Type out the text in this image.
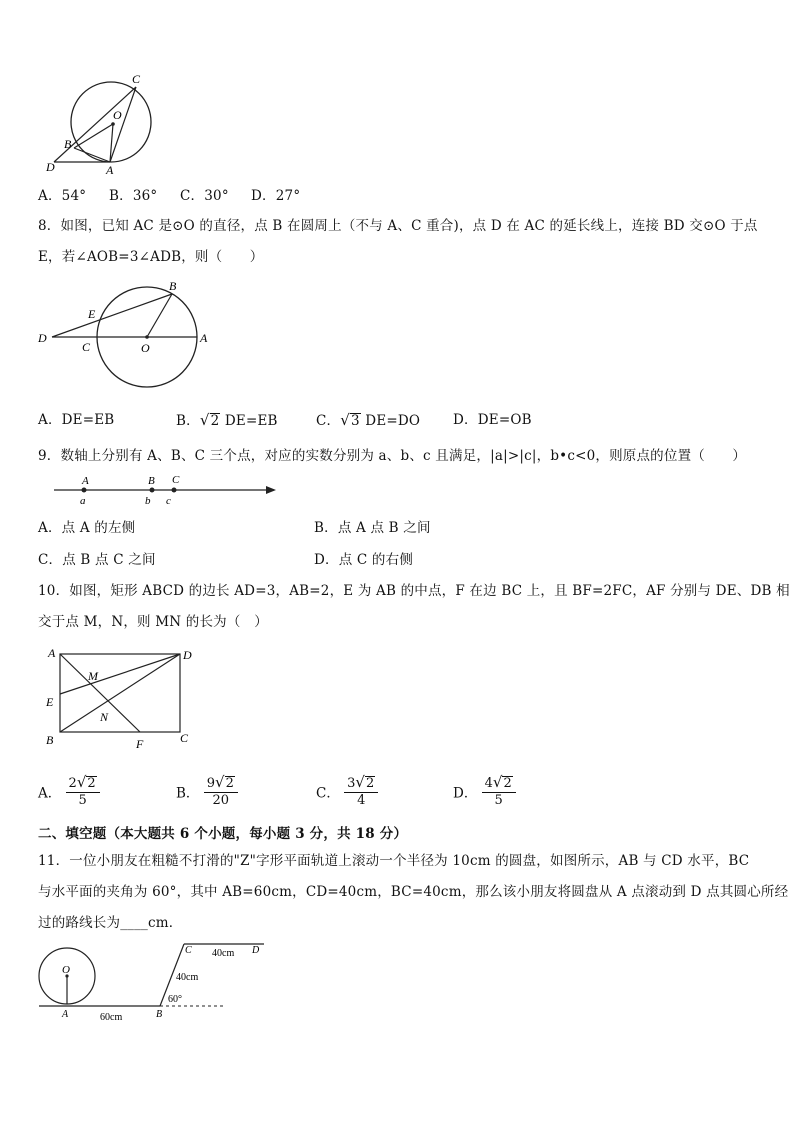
C
O
B
D	A
A．54° B．36° C．30° D．27°
8．如图，已知 AC 是⊙O 的直径，点 B 在圆周上（不与 A、C 重合)，点 D 在 AC 的延长线上，连接 BD 交⊙O 于点
E，若∠AOB=3∠ADB，则（　　）
B
E
D
C	O
A
A．DE=EB	B．√2 DE=EB	C．√3 DE=DO D．DE=OB
9．数轴上分别有 A、B、C 三个点，对应的实数分别为 a、b、c 且满足，|a|>|c|，b•c<0，则原点的位置（　　）
A	B C
a	b c
A．点 A 的左侧	B．点 A 点 B 之间
C．点 B 点 C 之间	D．点 C 的右侧
10．如图，矩形 ABCD 的边长 AD=3，AB=2，E 为 AB 的中点，F 在边 BC 上，且 BF=2FC，AF 分别与 DE、DB 相
交于点 M，N，则 MN 的长为（　）
A	D
M
E
N
B	F	C
A． $\frac{2√2}{5}$	B． $\frac{9√2}{20}$	C． $\frac{3√2}{4}$	D． $\frac{4√2}{5}$
二、填空题（本大题共 6 个小题，每小题 3 分，共 18 分）
11．一位小朋友在粗糙不打滑的"Z"字形平面轨道上滚动一个半径为 10cm 的圆盘，如图所示，AB 与 CD 水平，BC
与水平面的夹角为 60°，其中 AB=60cm，CD=40cm，BC=40cm，那么该小朋友将圆盘从 A 点滚动到 D 点其圆心所经
过的路线长为____cm．
O
A	60cm	B
C 40cm D
40cm
60°
